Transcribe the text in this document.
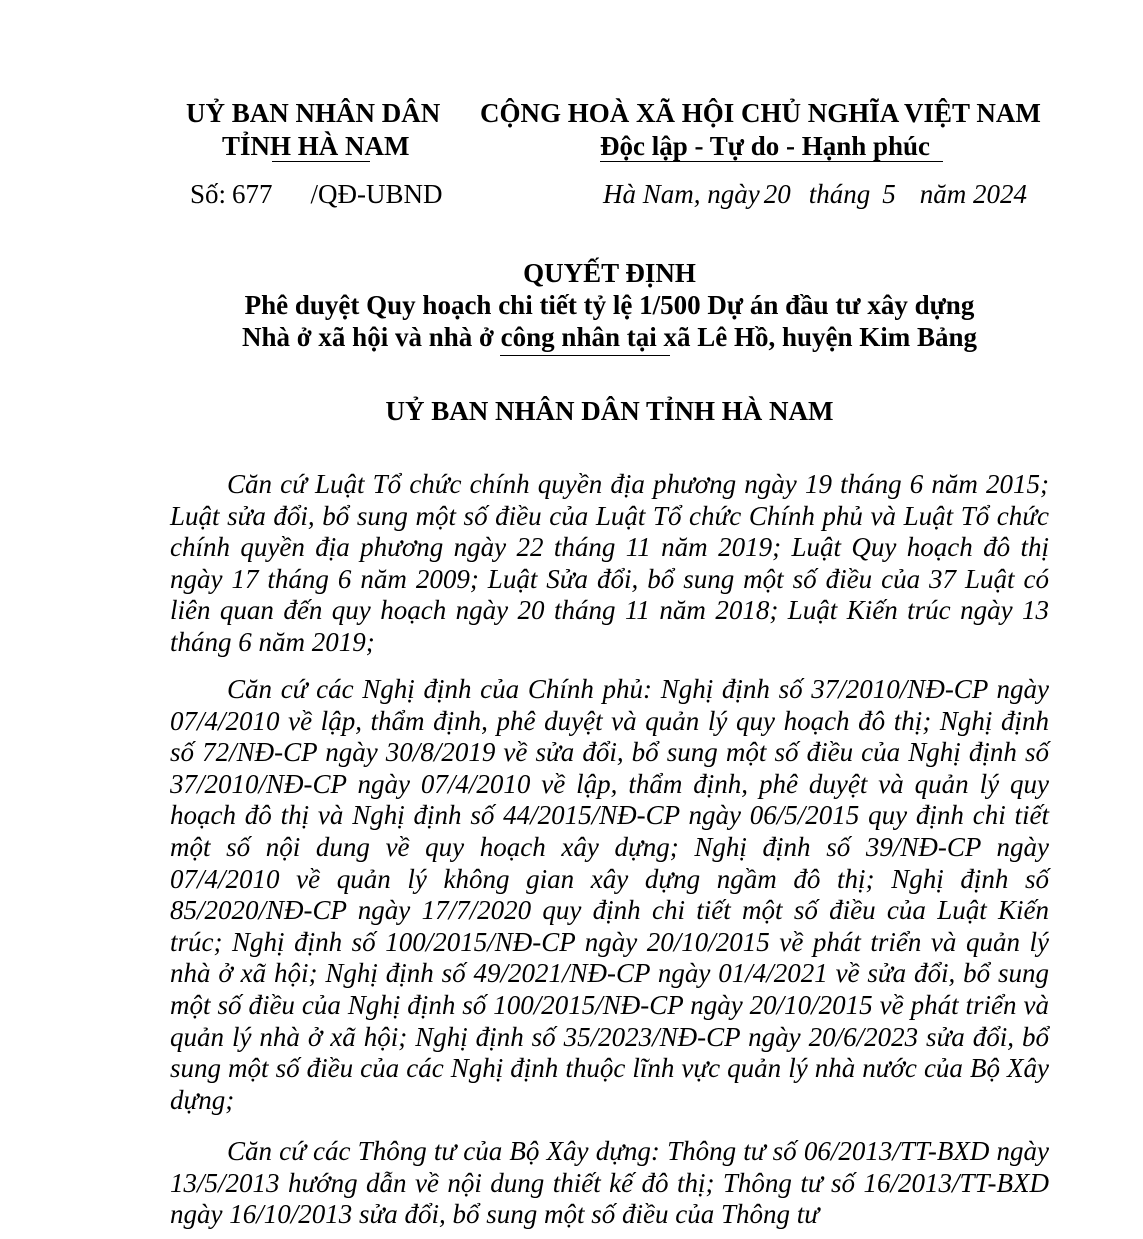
UỶ BAN NHÂN DÂN
TỈNH HÀ NAM
CỘNG HOÀ XÃ HỘI CHỦ NGHĨA VIỆT NAM
Độc lập - Tự do - Hạnh phúc
Số: 677 /QĐ-UBND	Hà Nam, ngày 20 tháng 5 năm 2024
QUYẾT ĐỊNH
Phê duyệt Quy hoạch chi tiết tỷ lệ 1/500 Dự án đầu tư xây dựng
Nhà ở xã hội và nhà ở công nhân tại xã Lê Hồ, huyện Kim Bảng
UỶ BAN NHÂN DÂN TỈNH HÀ NAM

Căn cứ Luật Tổ chức chính quyền địa phương ngày 19 tháng 6 năm 2015; Luật sửa đổi, bổ sung một số điều của Luật Tổ chức Chính phủ và Luật Tổ chức chính quyền địa phương ngày 22 tháng 11 năm 2019; Luật Quy hoạch đô thị ngày 17 tháng 6 năm 2009; Luật Sửa đổi, bổ sung một số điều của 37 Luật có liên quan đến quy hoạch ngày 20 tháng 11 năm 2018; Luật Kiến trúc ngày 13 tháng 6 năm 2019;

Căn cứ các Nghị định của Chính phủ: Nghị định số 37/2010/NĐ-CP ngày 07/4/2010 về lập, thẩm định, phê duyệt và quản lý quy hoạch đô thị; Nghị định số 72/NĐ-CP ngày 30/8/2019 về sửa đổi, bổ sung một số điều của Nghị định số 37/2010/NĐ-CP ngày 07/4/2010 về lập, thẩm định, phê duyệt và quản lý quy hoạch đô thị và Nghị định số 44/2015/NĐ-CP ngày 06/5/2015 quy định chi tiết một số nội dung về quy hoạch xây dựng; Nghị định số 39/NĐ-CP ngày 07/4/2010 về quản lý không gian xây dựng ngầm đô thị; Nghị định số 85/2020/NĐ-CP ngày 17/7/2020 quy định chi tiết một số điều của Luật Kiến trúc; Nghị định số 100/2015/NĐ-CP ngày 20/10/2015 về phát triển và quản lý nhà ở xã hội; Nghị định số 49/2021/NĐ-CP ngày 01/4/2021 về sửa đổi, bổ sung một số điều của Nghị định số 100/2015/NĐ-CP ngày 20/10/2015 về phát triển và quản lý nhà ở xã hội; Nghị định số 35/2023/NĐ-CP ngày 20/6/2023 sửa đổi, bổ sung một số điều của các Nghị định thuộc lĩnh vực quản lý nhà nước của Bộ Xây dựng;

Căn cứ các Thông tư của Bộ Xây dựng: Thông tư số 06/2013/TT-BXD ngày 13/5/2013 hướng dẫn về nội dung thiết kế đô thị; Thông tư số 16/2013/TT-BXD ngày 16/10/2013 sửa đổi, bổ sung một số điều của Thông tư
